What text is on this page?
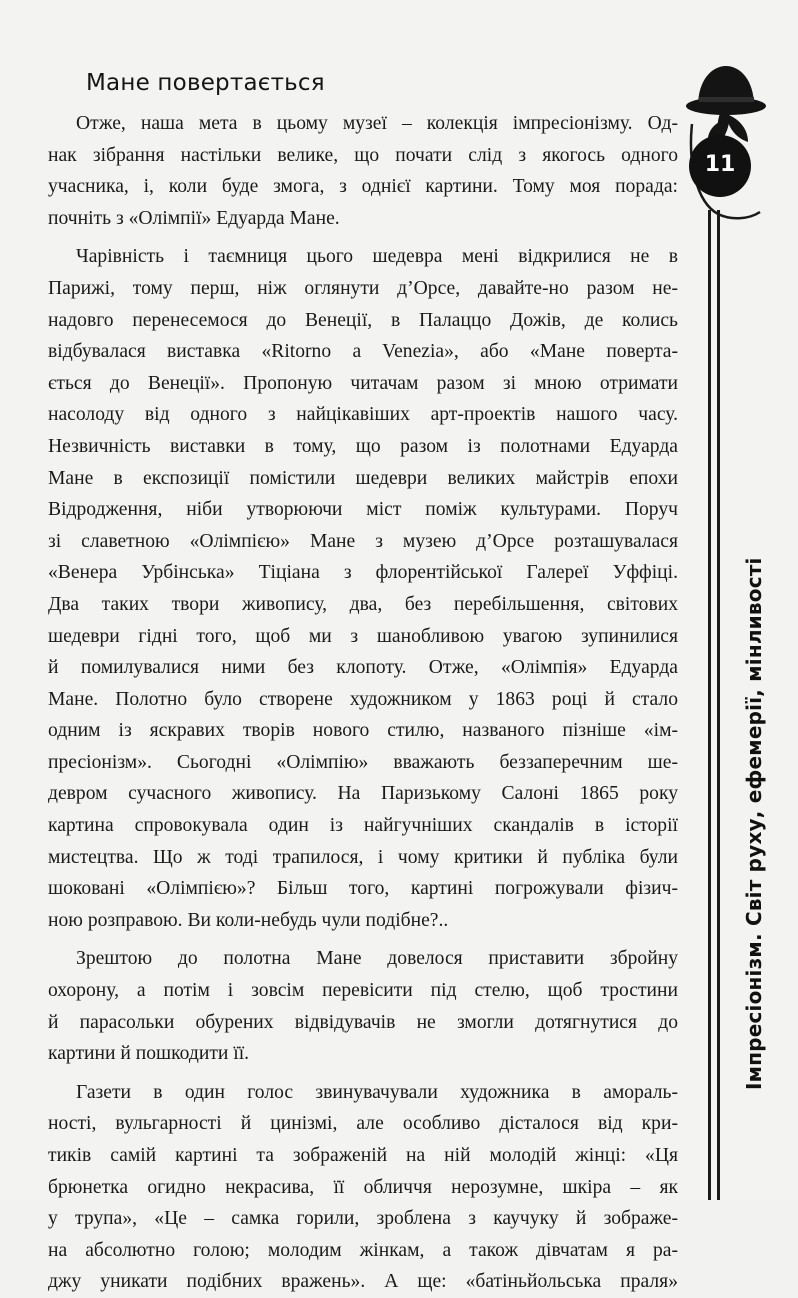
Мане повертається
Отже, наша мета в цьому музеї – колекція імпресіонізму. Од-
нак зібрання настільки велике, що почати слід з якогось одного
учасника, і, коли буде змога, з однієї картини. Тому моя порада:
почніть з «Олімпії» Едуарда Мане.
Чарівність і таємниця цього шедевра мені відкрилися не в
Парижі, тому перш, ніж оглянути д’Орсе, давайте-но разом не-
надовго перенесемося до Венеції, в Палаццо Дожів, де колись
відбувалася виставка «Ritorno a Venezia», або «Мане поверта-
ється до Венеції». Пропоную читачам разом зі мною отримати
насолоду від одного з найцікавіших арт-проектів нашого часу.
Незвичність виставки в тому, що разом із полотнами Едуарда
Мане в експозиції помістили шедеври великих майстрів епохи
Відродження, ніби утворюючи міст поміж культурами. Поруч
зі славетною «Олімпією» Мане з музею д’Орсе розташувалася
«Венера Урбінська» Тіціана з флорентійської Галереї Уффіці.
Два таких твори живопису, два, без перебільшення, світових
шедеври гідні того, щоб ми з шанобливою увагою зупинилися
й помилувалися ними без клопоту. Отже, «Олімпія» Едуарда
Мане. Полотно було створене художником у 1863 році й стало
одним із яскравих творів нового стилю, названого пізніше «ім-
пресіонізм». Сьогодні «Олімпію» вважають беззаперечним ше-
девром сучасного живопису. На Паризькому Салоні 1865 року
картина спровокувала один із найгучніших скандалів в історії
мистецтва. Що ж тоді трапилося, і чому критики й публіка були
шоковані «Олімпією»? Більш того, картині погрожували фізич-
ною розправою. Ви коли-небудь чули подібне?..
Зрештою до полотна Мане довелося приставити збройну
охорону, а потім і зовсім перевісити під стелю, щоб тростини
й парасольки обурених відвідувачів не змогли дотягнутися до
картини й пошкодити її.
Газети в один голос звинувачували художника в амораль-
ності, вульгарності й цинізмі, але особливо дісталося від кри-
тиків самій картині та зображеній на ній молодій жінці: «Ця
брюнетка огидно некрасива, її обличчя нерозумне, шкіра – як
у трупа», «Це – самка горили, зроблена з каучуку й зображе-
на абсолютно голою; молодим жінкам, а також дівчатам я ра-
джу уникати подібних вражень». А ще: «батіньйольська праля»
11
Імпресіонізм. Світ руху, ефемерії, мінливості
